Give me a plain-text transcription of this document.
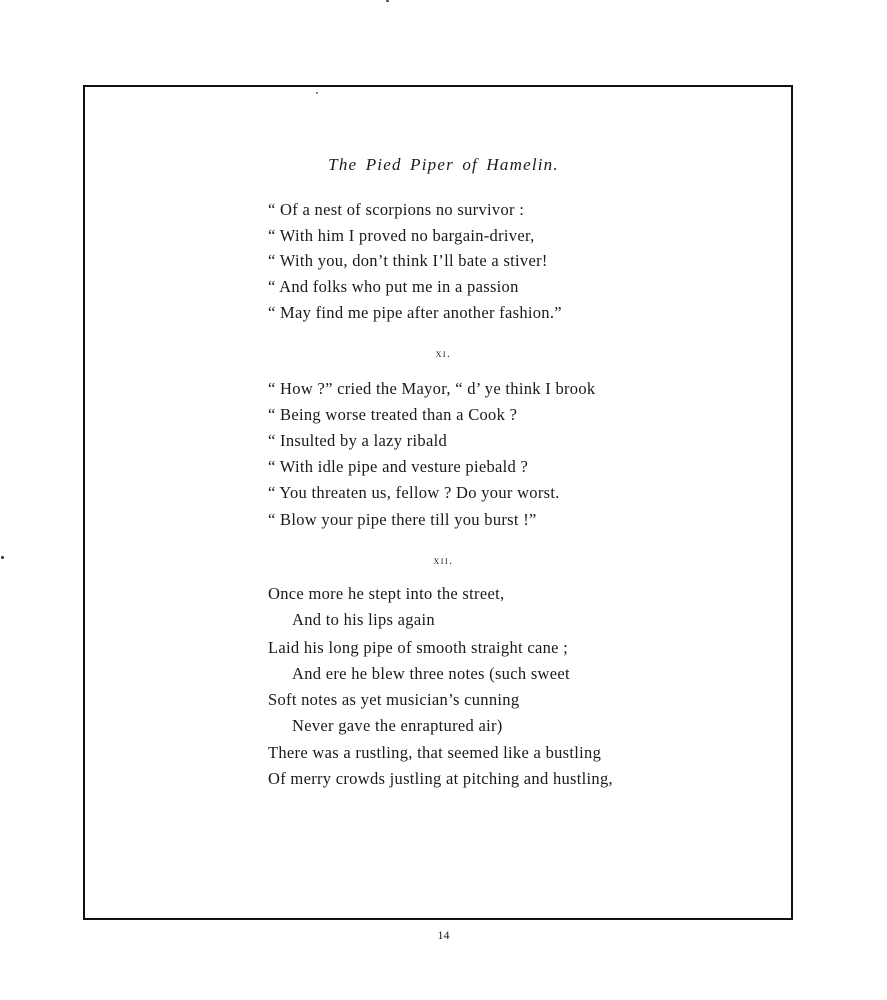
The Pied Piper of Hamelin.
“ Of a nest of scorpions no survivor :
“ With him I proved no bargain-driver,
“ With you, don’t think I’ll bate a stiver!
“ And folks who put me in a passion
“ May find me pipe after another fashion.”
xi.
“ How ?” cried the Mayor, “ d’ ye think I brook
“ Being worse treated than a Cook ?
“ Insulted by a lazy ribald
“ With idle pipe and vesture piebald ?
“ You threaten us, fellow ? Do your worst.
“ Blow your pipe there till you burst !”
xii.
Once more he stept into the street,
And to his lips again
Laid his long pipe of smooth straight cane ;
And ere he blew three notes (such sweet
Soft notes as yet musician’s cunning
Never gave the enraptured air)
There was a rustling, that seemed like a bustling
Of merry crowds justling at pitching and hustling,
14
